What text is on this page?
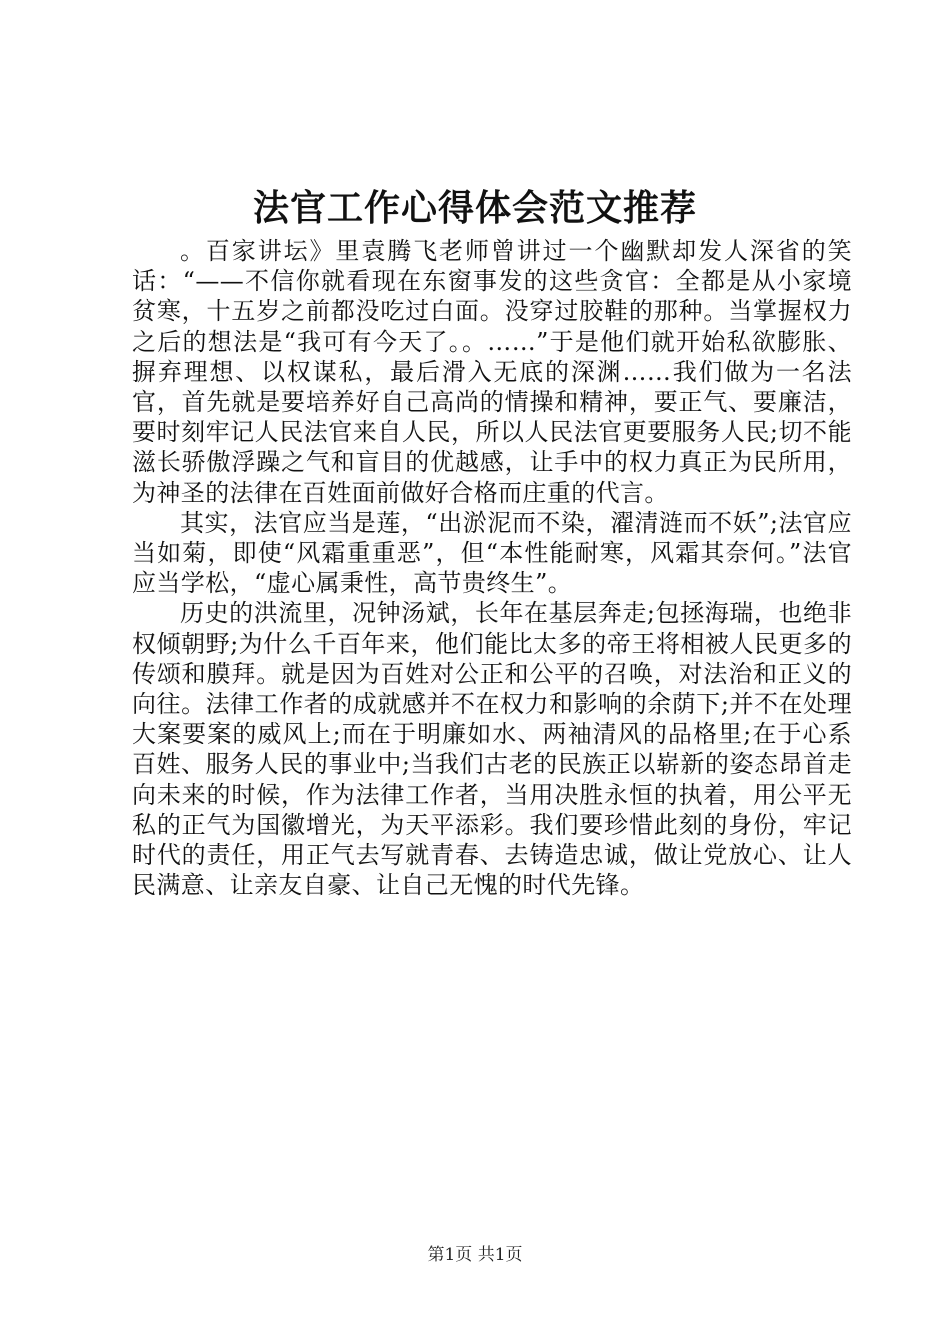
法官工作心得体会范文推荐

。百家讲坛》里袁腾飞老师曾讲过一个幽默却发人深省的笑话：“——不信你就看现在东窗事发的这些贪官：全都是从小家境贫寒，十五岁之前都没吃过白面。没穿过胶鞋的那种。当掌握权力之后的想法是“我可有今天了。。……”于是他们就开始私欲膨胀、摒弃理想、以权谋私，最后滑入无底的深渊……我们做为一名法官，首先就是要培养好自己高尚的情操和精神，要正气、要廉洁，要时刻牢记人民法官来自人民，所以人民法官更要服务人民;切不能滋长骄傲浮躁之气和盲目的优越感，让手中的权力真正为民所用，为神圣的法律在百姓面前做好合格而庄重的代言。

其实，法官应当是莲，“出淤泥而不染，濯清涟而不妖”;法官应当如菊，即使“风霜重重恶”，但“本性能耐寒，风霜其奈何。”法官应当学松，“虚心属秉性，高节贵终生”。

历史的洪流里，况钟汤斌，长年在基层奔走;包拯海瑞，也绝非权倾朝野;为什么千百年来，他们能比太多的帝王将相被人民更多的传颂和膜拜。就是因为百姓对公正和公平的召唤，对法治和正义的向往。法律工作者的成就感并不在权力和影响的余荫下;并不在处理大案要案的威风上;而在于明廉如水、两袖清风的品格里;在于心系百姓、服务人民的事业中;当我们古老的民族正以崭新的姿态昂首走向未来的时候，作为法律工作者，当用决胜永恒的执着，用公平无私的正气为国徽增光，为天平添彩。我们要珍惜此刻的身份，牢记时代的责任，用正气去写就青春、去铸造忠诚，做让党放心、让人民满意、让亲友自豪、让自己无愧的时代先锋。

第1页 共1页
